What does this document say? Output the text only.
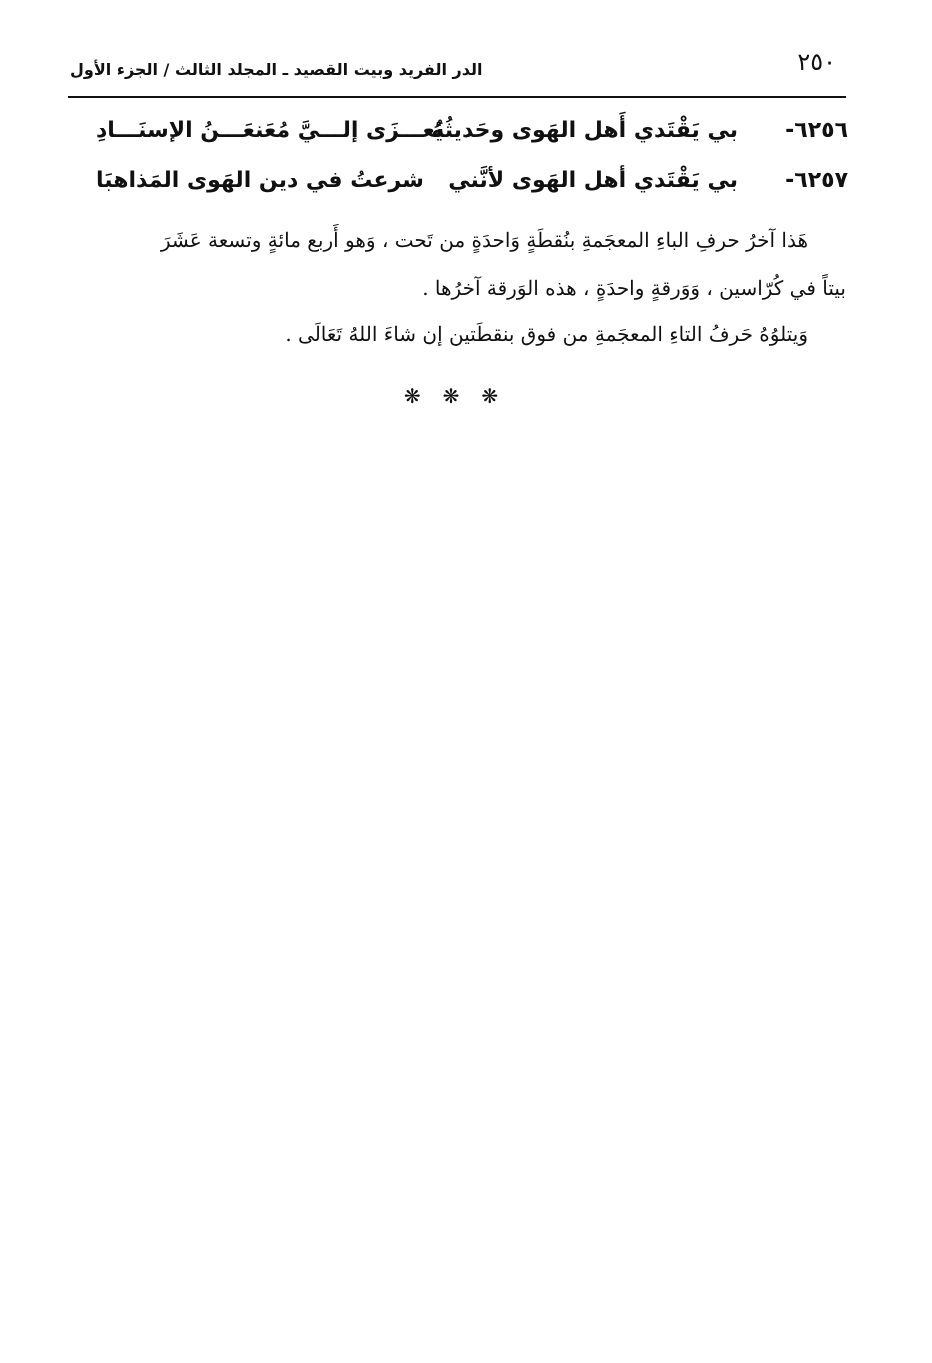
٢٥٠
الدر الفريد وبيت القصيد ـ المجلد الثالث / الجزء الأول
٦٢٥٦-
بي يَقْتَدي أَهل الهَوى وحَديثُهُ
يُعـــزَى إلـــيَّ مُعَنعَـــنُ الإسنَـــادِ
٦٢٥٧-
بي يَقْتَدي أهل الهَوى لأنَّني
شرعتُ في دين الهَوى المَذاهبَا
هَذا آخرُ حرفِ الباءِ المعجَمةِ بنُقطَةٍ وَاحدَةٍ من تَحت ، وَهو أَربع مائةٍ وتسعة عَشَرَ
بيتاً في كُرّاسين ، وَوَرقةٍ واحدَةٍ ، هذه الوَرقة آخرُها .
وَيتلوُهُ حَرفُ التاءِ المعجَمةِ من فوق بنقطَتين إن شاءَ اللهُ تَعَالَى .
❋❋❋
